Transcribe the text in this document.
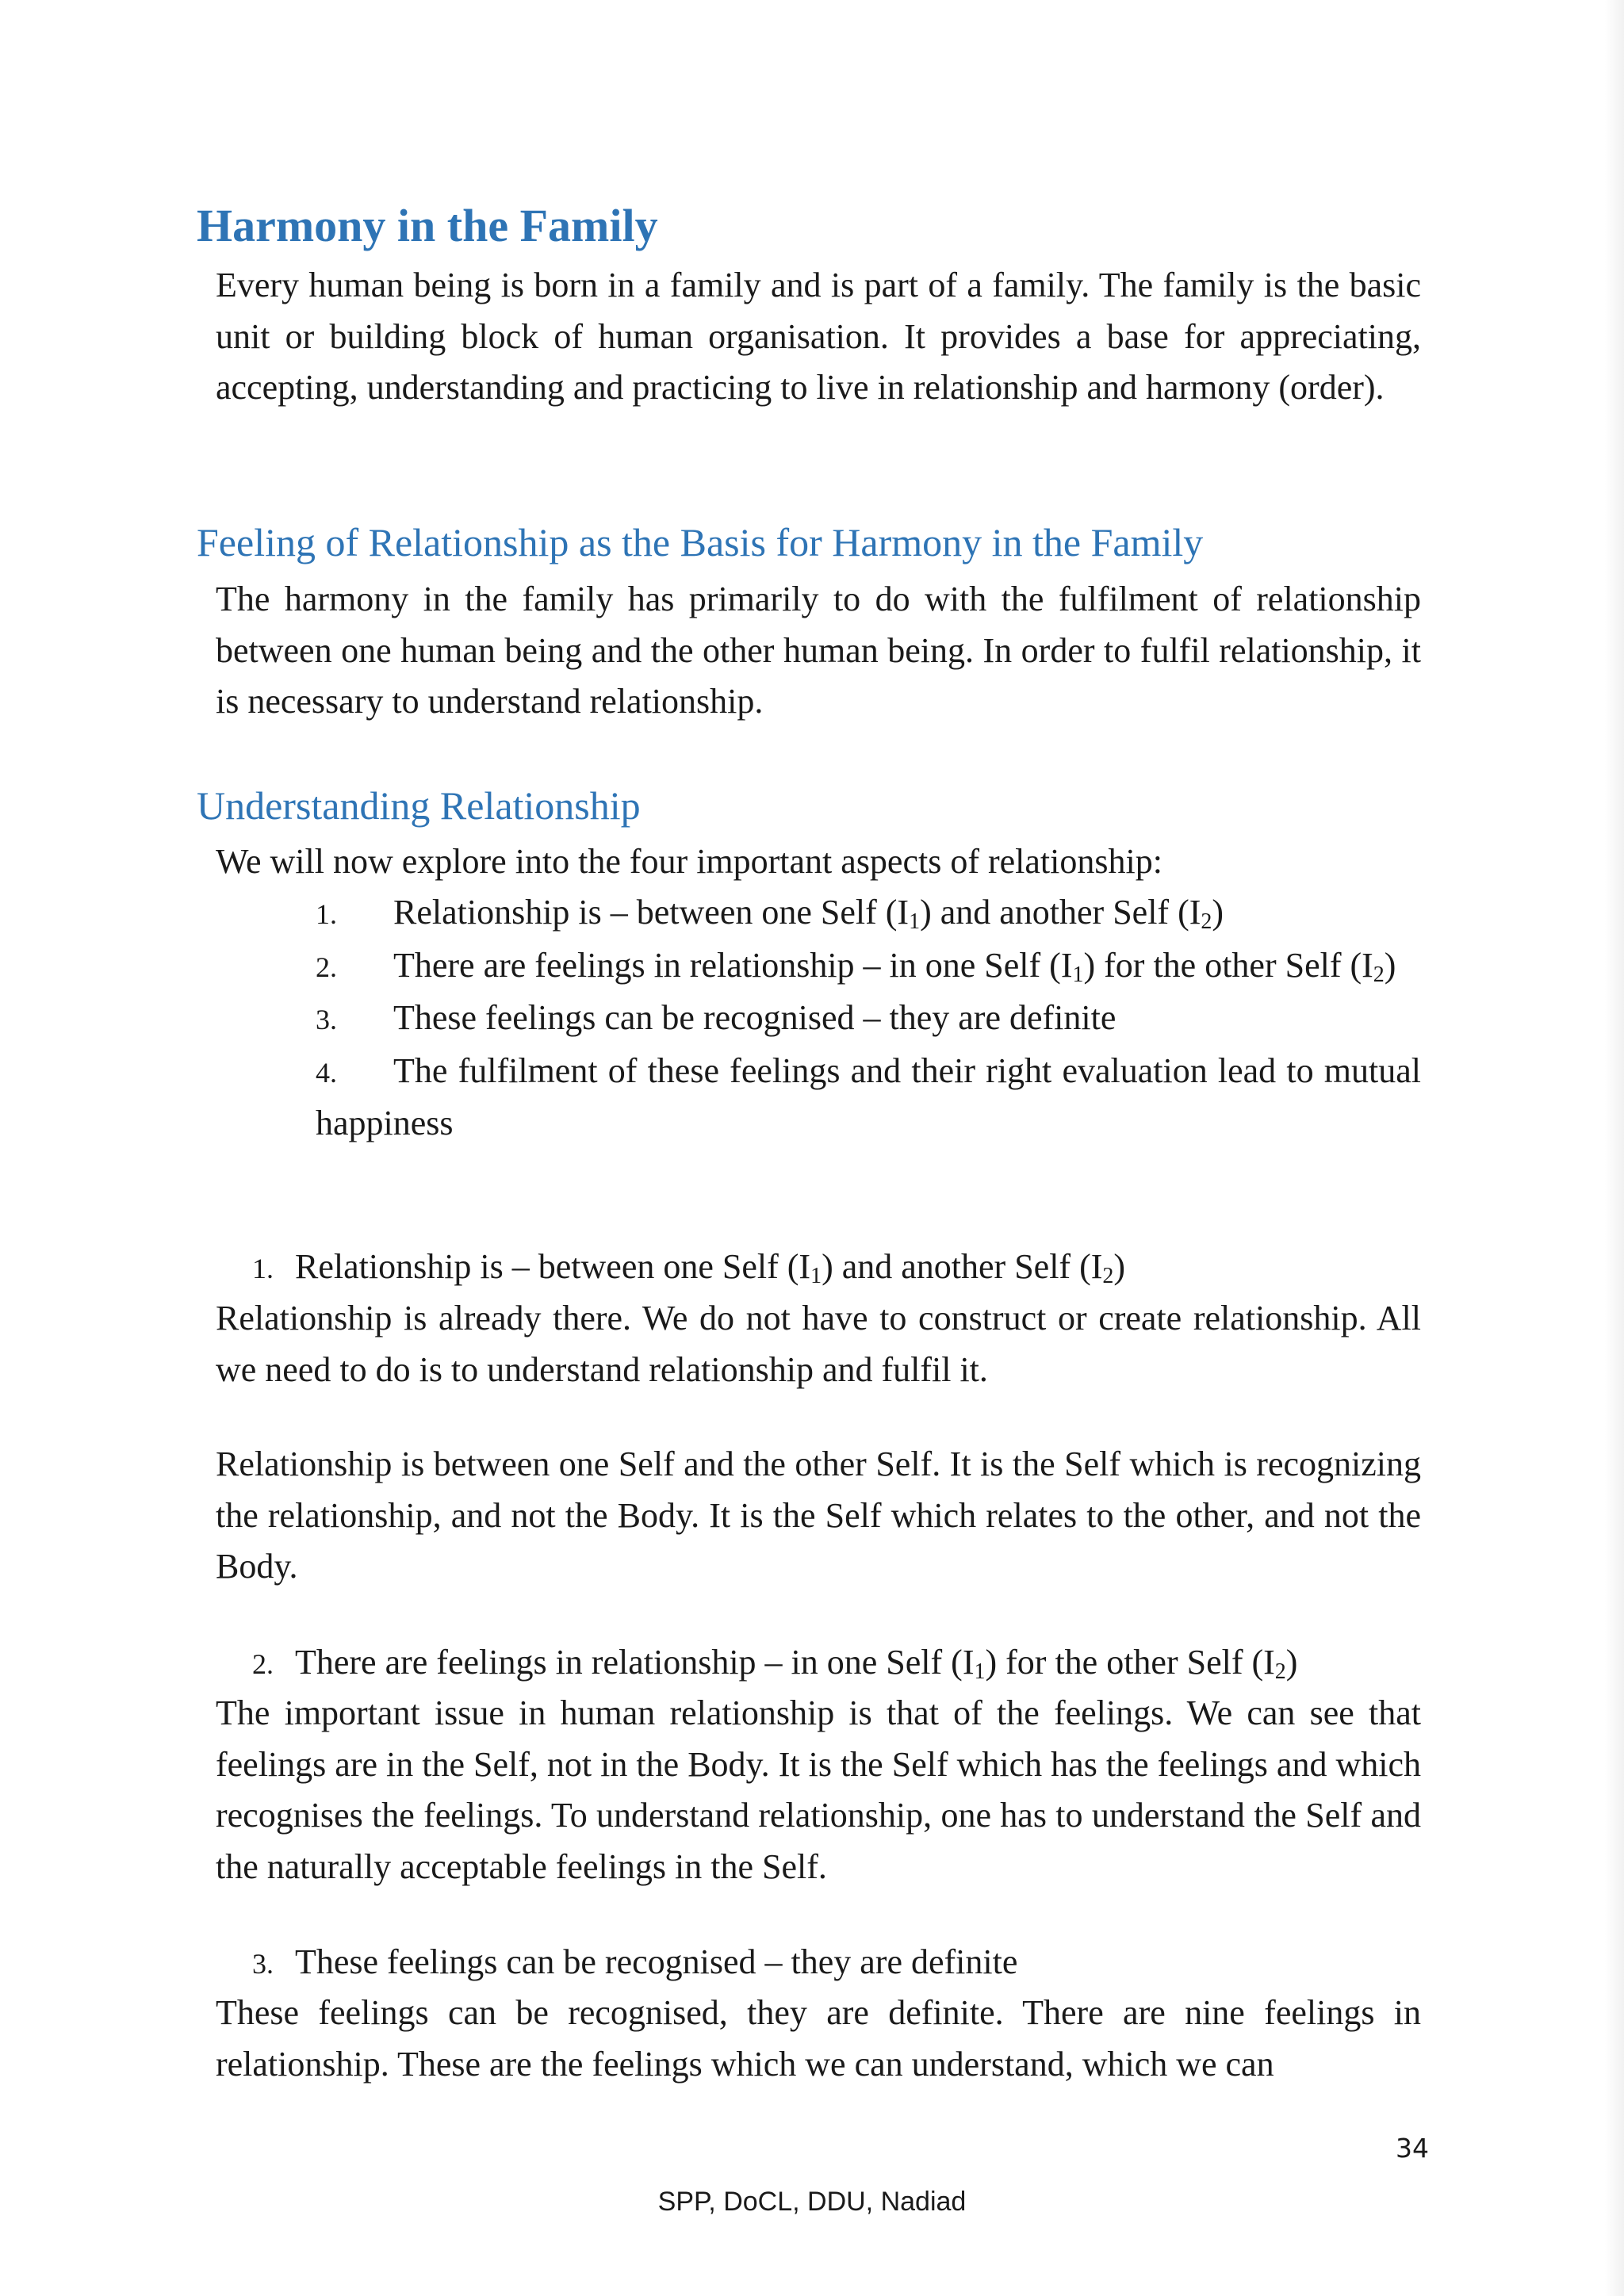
Harmony in the Family

Every human being is born in a family and is part of a family. The family is the basic unit or building block of human organisation. It provides a base for appreciating, accepting, understanding and practicing to live in relationship and harmony (order).

Feeling of Relationship as the Basis for Harmony in the Family

The harmony in the family has primarily to do with the fulfilment of relationship between one human being and the other human being. In order to fulfil relationship, it is necessary to understand relationship.

Understanding Relationship

We will now explore into the four important aspects of relationship:

1. Relationship is – between one Self $(I_1)$ and another Self $(I_2)$
2. There are feelings in relationship – in one Self $(I_1)$ for the other Self $(I_2)$
3. These feelings can be recognised – they are definite
4. The fulfilment of these feelings and their right evaluation lead to mutual happiness

1. Relationship is – between one Self $(I_1)$ and another Self $(I_2)$

Relationship is already there. We do not have to construct or create relationship. All we need to do is to understand relationship and fulfil it.

Relationship is between one Self and the other Self. It is the Self which is recognizing the relationship, and not the Body. It is the Self which relates to the other, and not the Body.

2. There are feelings in relationship – in one Self $(I_1)$ for the other Self $(I_2)$

The important issue in human relationship is that of the feelings. We can see that feelings are in the Self, not in the Body. It is the Self which has the feelings and which recognises the feelings. To understand relationship, one has to understand the Self and the naturally acceptable feelings in the Self.

3. These feelings can be recognised – they are definite

These feelings can be recognised, they are definite. There are nine feelings in relationship. These are the feelings which we can understand, which we can

34
SPP, DoCL, DDU, Nadiad
